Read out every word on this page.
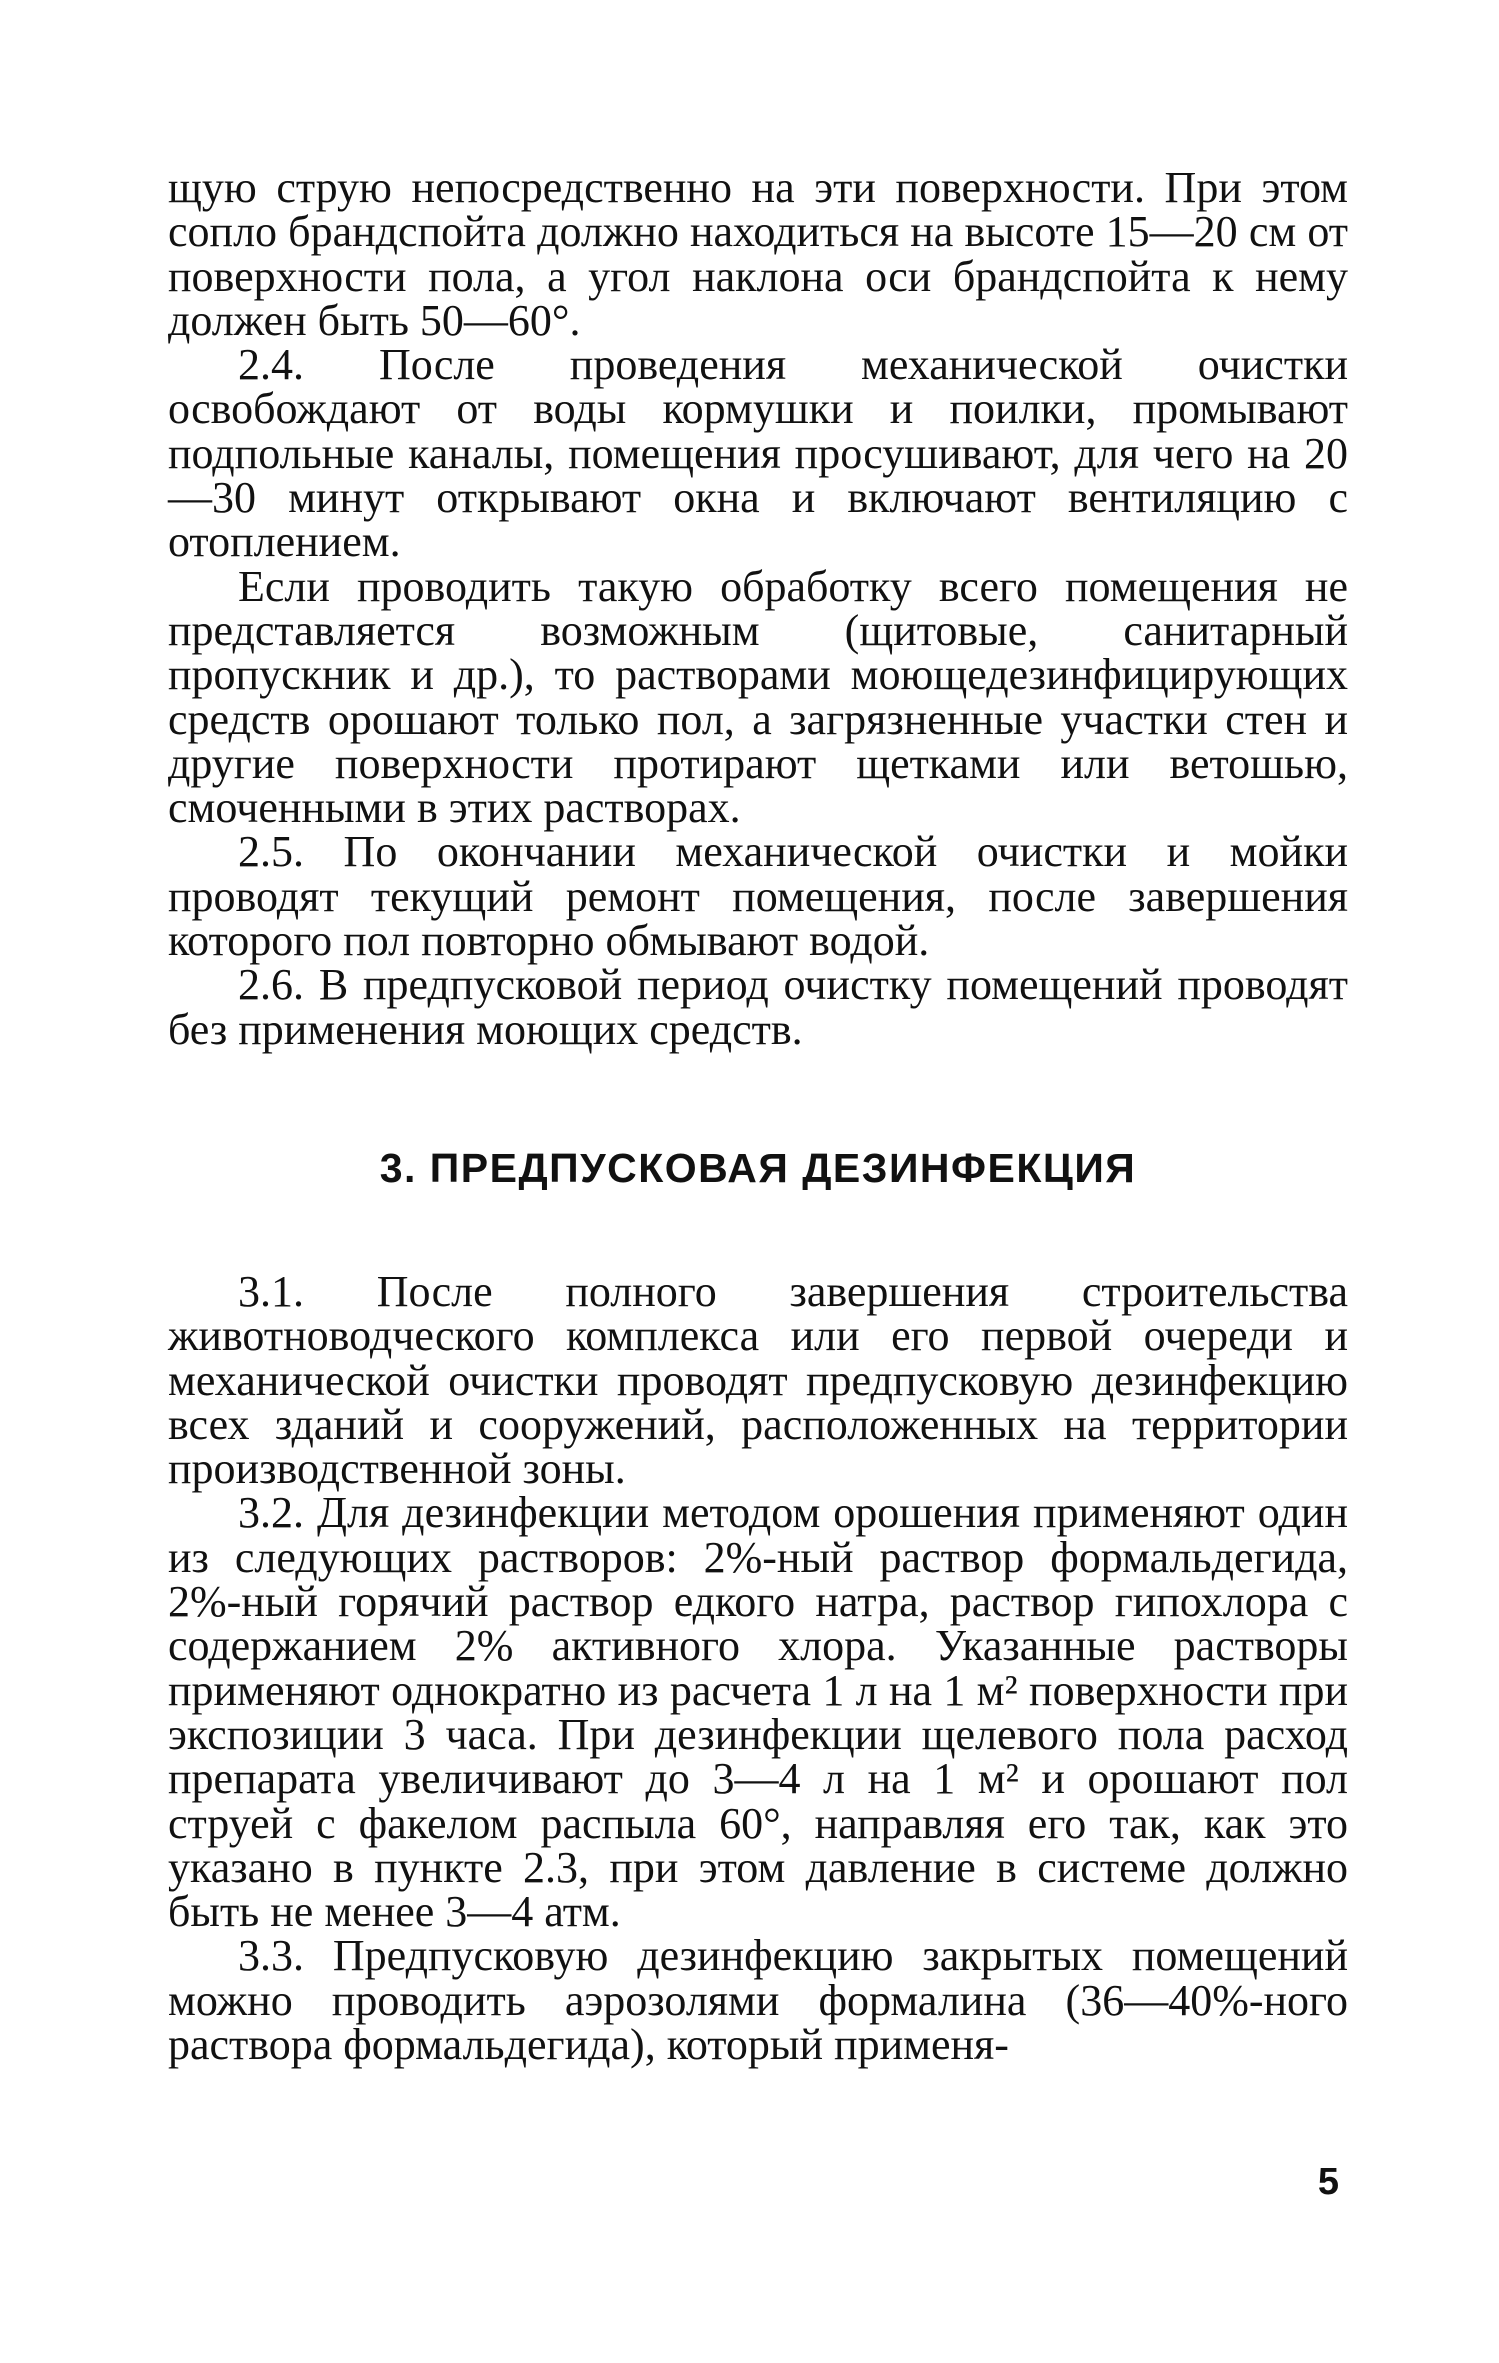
щую струю непосредственно на эти поверхности. При этом сопло брандспойта должно находиться на высоте 15—20 см от поверхности пола, а угол наклона оси брандспойта к нему должен быть 50—60°.

2.4. После проведения механической очистки освобождают от воды кормушки и поилки, промывают подпольные каналы, помещения просушивают, для чего на 20—30 минут открывают окна и включают вентиляцию с отоплением.

Если проводить такую обработку всего помещения не представляется возможным (щитовые, санитарный пропускник и др.), то растворами моющедезинфицирующих средств орошают только пол, а загрязненные участки стен и другие поверхности протирают щетками или ветошью, смоченными в этих растворах.

2.5. По окончании механической очистки и мойки проводят текущий ремонт помещения, после завершения которого пол повторно обмывают водой.

2.6. В предпусковой период очистку помещений проводят без применения моющих средств.

3. ПРЕДПУСКОВАЯ ДЕЗИНФЕКЦИЯ

3.1. После полного завершения строительства животноводческого комплекса или его первой очереди и механической очистки проводят предпусковую дезинфекцию всех зданий и сооружений, расположенных на территории производственной зоны.

3.2. Для дезинфекции методом орошения применяют один из следующих растворов: 2%-ный раствор формальдегида, 2%-ный горячий раствор едкого натра, раствор гипохлора с содержанием 2% активного хлора. Указанные растворы применяют однократно из расчета 1 л на 1 м² поверхности при экспозиции 3 часа. При дезинфекции щелевого пола расход препарата увеличивают до 3—4 л на 1 м² и орошают пол струей с факелом распыла 60°, направляя его так, как это указано в пункте 2.3, при этом давление в системе должно быть не менее 3—4 атм.

3.3. Предпусковую дезинфекцию закрытых помещений можно проводить аэрозолями формалина (36—40%-ного раствора формальдегида), который применя-

5
